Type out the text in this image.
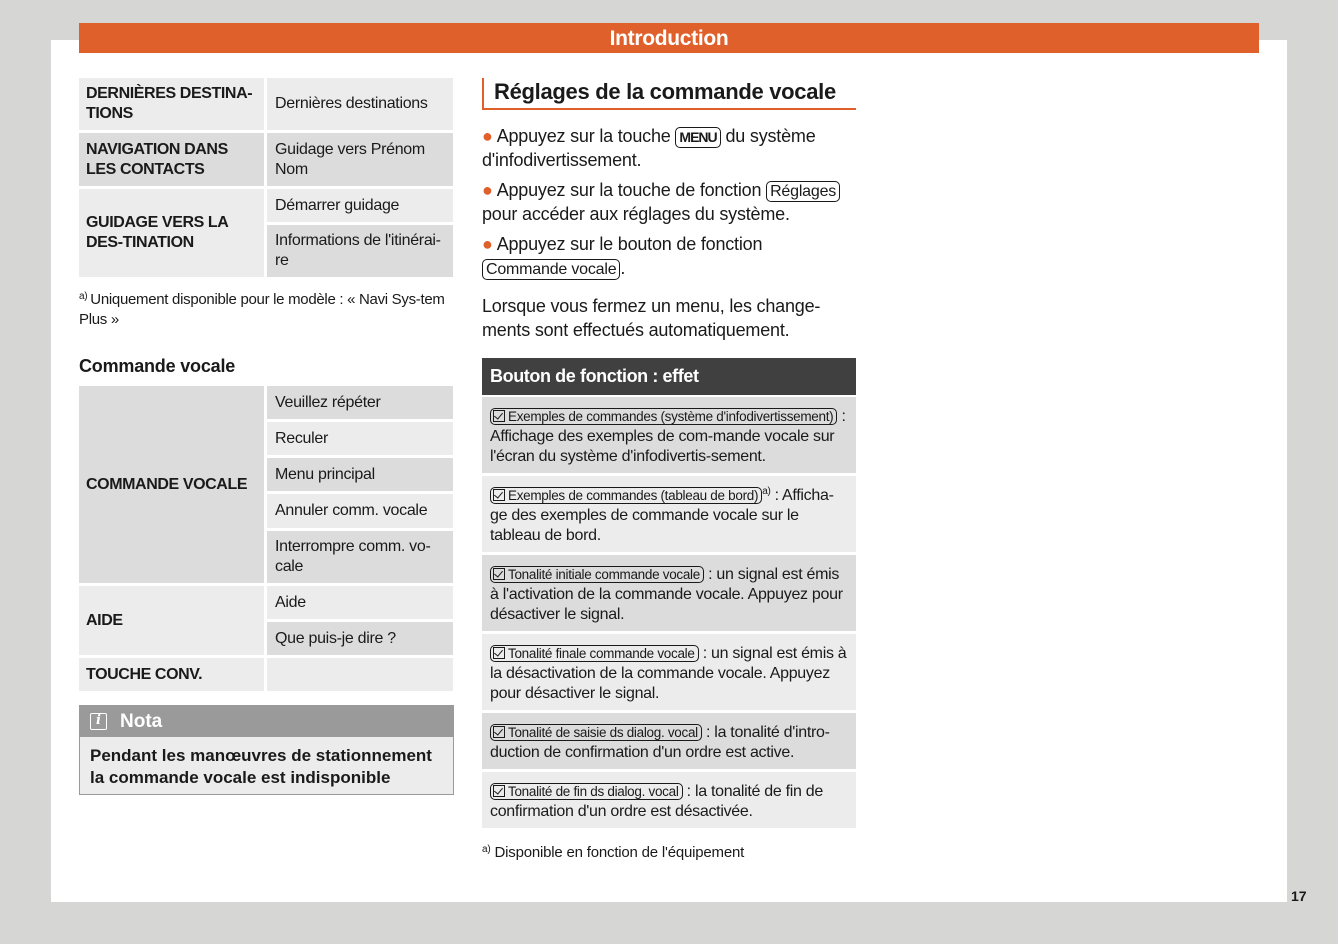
Introduction
DERNIÈRES DESTINA-TIONS
Dernières destinations
NAVIGATION DANS LES CONTACTS
Guidage vers Prénom Nom
GUIDAGE VERS LA DES-TINATION
Démarrer guidage
Informations de l'itinérai-re
$^{a)}$ Uniquement disponible pour le modèle : « Navi Sys-tem Plus »
Commande vocale
COMMANDE VOCALE
Veuillez répéter
Reculer
Menu principal
Annuler comm. vocale
Interrompre comm. vo-cale
AIDE
Aide
Que puis-je dire ?
TOUCHE CONV.
i	Nota
Pendant les manœuvres de stationnement la commande vocale est indisponible
Réglages de la commande vocale
● Appuyez sur la touche MENU du système d'infodivertissement.
● Appuyez sur la touche de fonction Réglages pour accéder aux réglages du système.
● Appuyez sur le bouton de fonction
Commande vocale .
Lorsque vous fermez un menu, les change-ments sont effectués automatiquement.
Bouton de fonction : effet
Exemples de commandes (système d'infodivertissement) : Affichage des exemples de com-mande vocale sur l'écran du système d'infodivertis-sement.
Exemples de commandes (tableau de bord) $^{a)}$ : Afficha-ge des exemples de commande vocale sur le tableau de bord.
Tonalité initiale commande vocale : un signal est émis à l'activation de la commande vocale. Appuyez pour désactiver le signal.
Tonalité finale commande vocale : un signal est émis à la désactivation de la commande vocale. Appuyez pour désactiver le signal.
Tonalité de saisie ds dialog. vocal : la tonalité d'intro-duction de confirmation d'un ordre est active.
Tonalité de fin ds dialog. vocal : la tonalité de fin de confirmation d'un ordre est désactivée.
$^{a)}$ Disponible en fonction de l'équipement
17
